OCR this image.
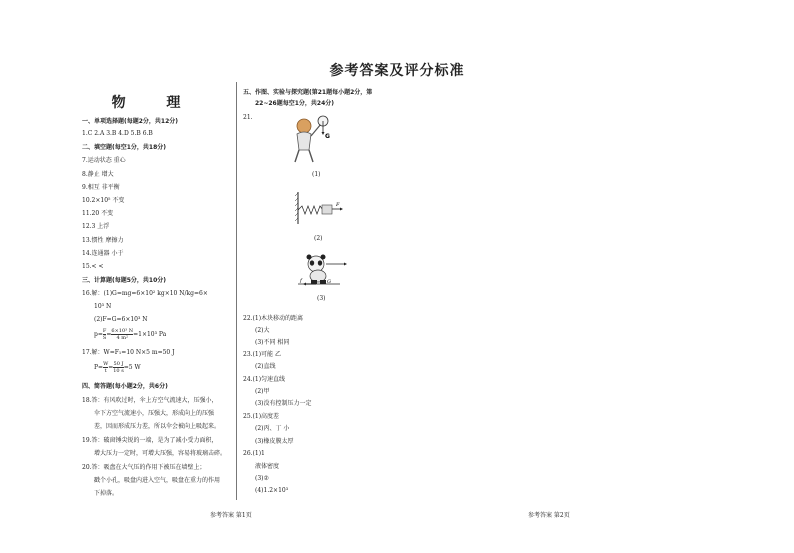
参考答案及评分标准
物 理
一、单项选择题(每题2分，共12分)
1.C 2.A 3.B 4.D 5.B 6.B
二、填空题(每空1分，共18分)
7.运动状态 重心
8.静止 增大
9.相互 非平衡
10.2×10⁵ 不变
11.20 不变
12.3 上浮
13.惯性 摩擦力
14.连通器 小于
15.< <
三、计算题(每题5分，共10分)
16.解：(1)G=mg=6×10² kg×10 N/kg=6×
10³ N
(2)F=G=6×10³ N
$p= \frac{F}{S} = \frac{\text{6×10³ N}}{\text{4 m²}} =1\times 10^3$ Pa
17.解：W=F₁=10 N×5 m=50 J
$P= \frac{W}{t} = \frac{50 J}{10 s} =5$ W
四、简答题(每小题2分，共6分)
18.答：有风吹过时，伞上方空气流速大，压强小，
伞下方空气流速小，压强大，形成向上的压强
差，因而形成压力差，所以伞会被向上吸起来。
19.答：破窗锤尖锐的一端，是为了减小受力面积，
增大压力一定时，可增大压强，容易将玻璃击碎。
20.答：吸盘在大气压的作用下被压在墙壁上；
戳个小孔，吸盘内进入空气，吸盘在重力的作用
下掉落。
五、作图、实验与探究题(第21题每小题2分，第
22~26题每空1分，共24分)
21.
G
(1)
F
(2)
f	G
(3)
22.(1)木块移动的距离
(2)大
(3)不同 相同
23.(1)可能 乙
(2)直线
24.(1)匀速直线
(2)甲
(3)没有控制压力一定
25.(1)高度差
(2)丙、丁 小
(3)橡皮膜太厚
26.(1)1
液体密度
(3)②
(4)1.2×10³
参考答案 第1页	参考答案 第2页
